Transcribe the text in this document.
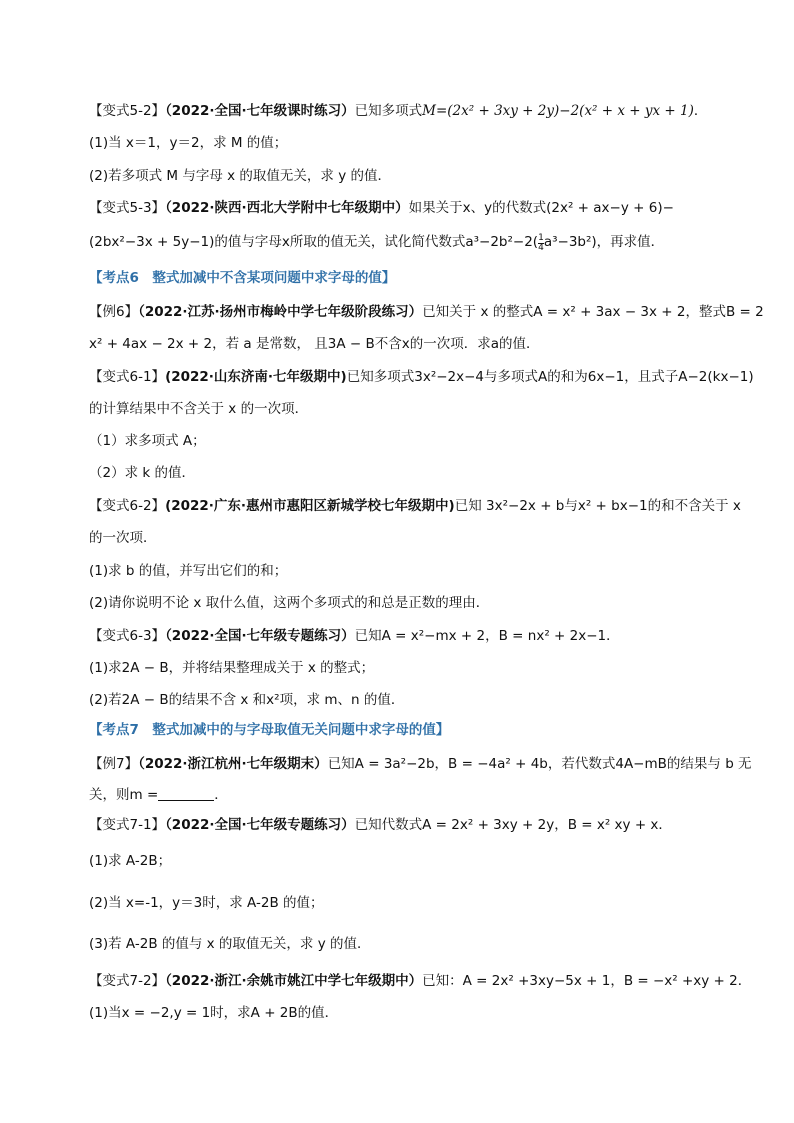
【变式5-2】（2022·全国·七年级课时练习）已知多项式M=(2x² + 3xy + 2y)−2(x² + x + yx + 1)．
(1)当 x＝1，y＝2，求 M 的值；
(2)若多项式 M 与字母 x 的取值无关，求 y 的值．
【变式5-3】（2022·陕西·西北大学附中七年级期中）如果关于x、y的代数式(2x² + ax−y + 6)−
(2bx²−3x + 5y−1)的值与字母x所取的值无关，试化简代数式$a^3-2b^2-2( \frac{1}{4} a^3-3b^2)$，再求值．
【考点6　整式加减中不含某项问题中求字母的值】
【例6】（2022·江苏·扬州市梅岭中学七年级阶段练习）已知关于 x 的整式A = x² + 3ax − 3x + 2，整式B = 2
x² + 4ax − 2x + 2，若 a 是常数， 且3A − B不含x的一次项．求a的值．
【变式6-1】(2022·山东济南·七年级期中)已知多项式3x²−2x−4与多项式A的和为6x−1，且式子A−2(kx−1)
的计算结果中不含关于 x 的一次项．
（1）求多项式 A；
（2）求 k 的值．
【变式6-2】(2022·广东·惠州市惠阳区新城学校七年级期中)已知 3x²−2x + b与x² + bx−1的和不含关于 x
的一次项．
(1)求 b 的值，并写出它们的和；
(2)请你说明不论 x 取什么值，这两个多项式的和总是正数的理由．
【变式6-3】（2022·全国·七年级专题练习）已知A = x²−mx + 2，B = nx² + 2x−1．
(1)求2A − B，并将结果整理成关于 x 的整式；
(2)若2A − B的结果不含 x 和x²项，求 m、n 的值．
【考点7　整式加减中的与字母取值无关问题中求字母的值】
【例7】（2022·浙江杭州·七年级期末）已知A = 3a²−2b，B = −4a² + 4b，若代数式4A−mB的结果与 b 无
关，则m =	．
【变式7-1】（2022·全国·七年级专题练习）已知代数式A = 2x² + 3xy + 2y，B = x² xy + x．
(1)求 A-2B；
(2)当 x=-1，y＝3时，求 A-2B 的值；
(3)若 A-2B 的值与 x 的取值无关，求 y 的值．
【变式7-2】（2022·浙江·余姚市姚江中学七年级期中）已知：A = 2x² +3xy−5x + 1，B = −x² +xy + 2．
(1)当x = −2,y = 1时，求A + 2B的值．
